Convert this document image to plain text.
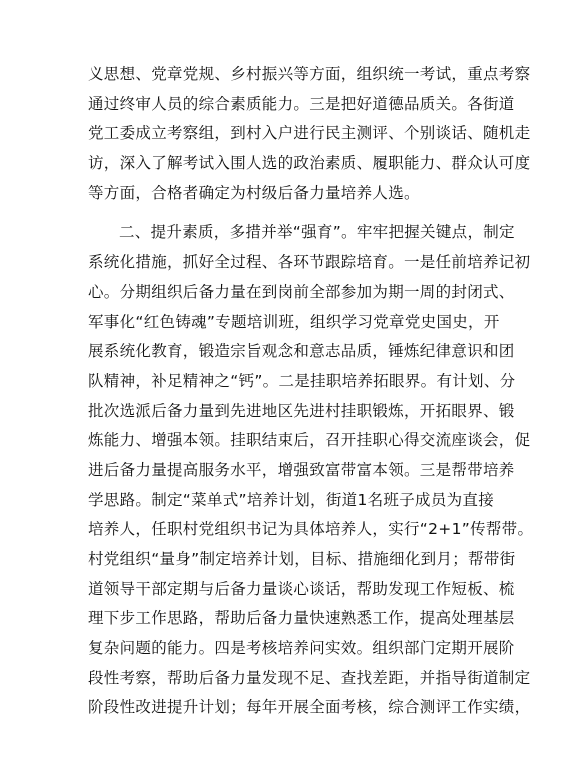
义思想、党章党规、乡村振兴等方面，组织统一考试，重点考察
通过终审人员的综合素质能力。三是把好道德品质关。各街道
党工委成立考察组，到村入户进行民主测评、个别谈话、随机走
访，深入了解考试入围人选的政治素质、履职能力、群众认可度
等方面，合格者确定为村级后备力量培养人选。
二、提升素质，多措并举“强育”。牢牢把握关键点，制定
系统化措施，抓好全过程、各环节跟踪培育。一是任前培养记初
心。分期组织后备力量在到岗前全部参加为期一周的封闭式、
军事化“红色铸魂”专题培训班，组织学习党章党史国史，开
展系统化教育，锻造宗旨观念和意志品质，锤炼纪律意识和团
队精神，补足精神之“钙”。二是挂职培养拓眼界。有计划、分
批次选派后备力量到先进地区先进村挂职锻炼，开拓眼界、锻
炼能力、增强本领。挂职结束后，召开挂职心得交流座谈会，促
进后备力量提高服务水平，增强致富带富本领。三是帮带培养
学思路。制定“菜单式”培养计划，街道1名班子成员为直接
培养人，任职村党组织书记为具体培养人，实行“2+1”传帮带。
村党组织“量身”制定培养计划，目标、措施细化到月；帮带街
道领导干部定期与后备力量谈心谈话，帮助发现工作短板、梳
理下步工作思路，帮助后备力量快速熟悉工作，提高处理基层
复杂问题的能力。四是考核培养问实效。组织部门定期开展阶
段性考察，帮助后备力量发现不足、查找差距，并指导街道制定
阶段性改进提升计划；每年开展全面考核，综合测评工作实绩，
